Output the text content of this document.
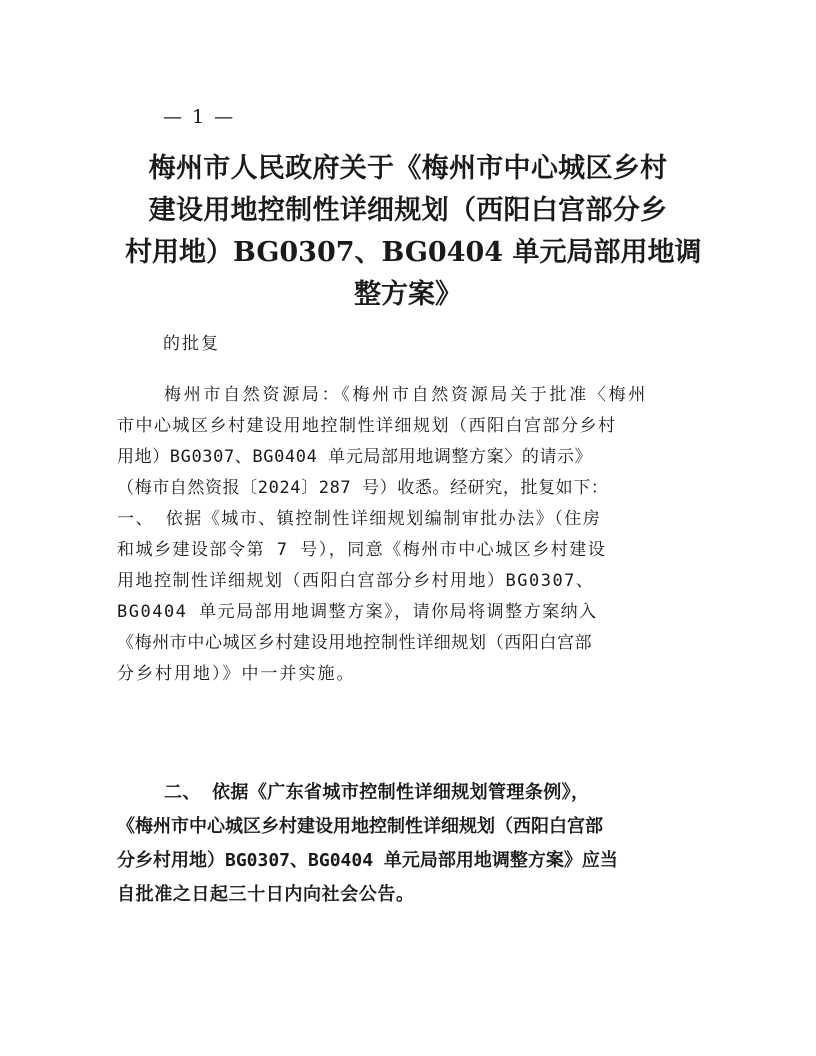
— 1 —
梅州市人民政府关于《梅州市中心城区乡村
建设用地控制性详细规划（西阳白宫部分乡
村用地）BG0307、BG0404 单元局部用地调
整方案》
的批复
梅州市自然资源局：《梅州市自然资源局关于批准〈梅州
市中心城区乡村建设用地控制性详细规划（西阳白宫部分乡村
用地）BG0307、BG0404 单元局部用地调整方案〉的请示》
（梅市自然资报〔2024〕287 号）收悉。经研究，批复如下：
一、 依据《城市、镇控制性详细规划编制审批办法》（住房
和城乡建设部令第 7 号），同意《梅州市中心城区乡村建设
用地控制性详细规划（西阳白宫部分乡村用地）BG0307、
BG0404 单元局部用地调整方案》，请你局将调整方案纳入
《梅州市中心城区乡村建设用地控制性详细规划（西阳白宫部
分乡村用地）》中一并实施。
二、 依据《广东省城市控制性详细规划管理条例》，
《梅州市中心城区乡村建设用地控制性详细规划（西阳白宫部
分乡村用地）BG0307、BG0404 单元局部用地调整方案》应当
自批准之日起三十日内向社会公告。
